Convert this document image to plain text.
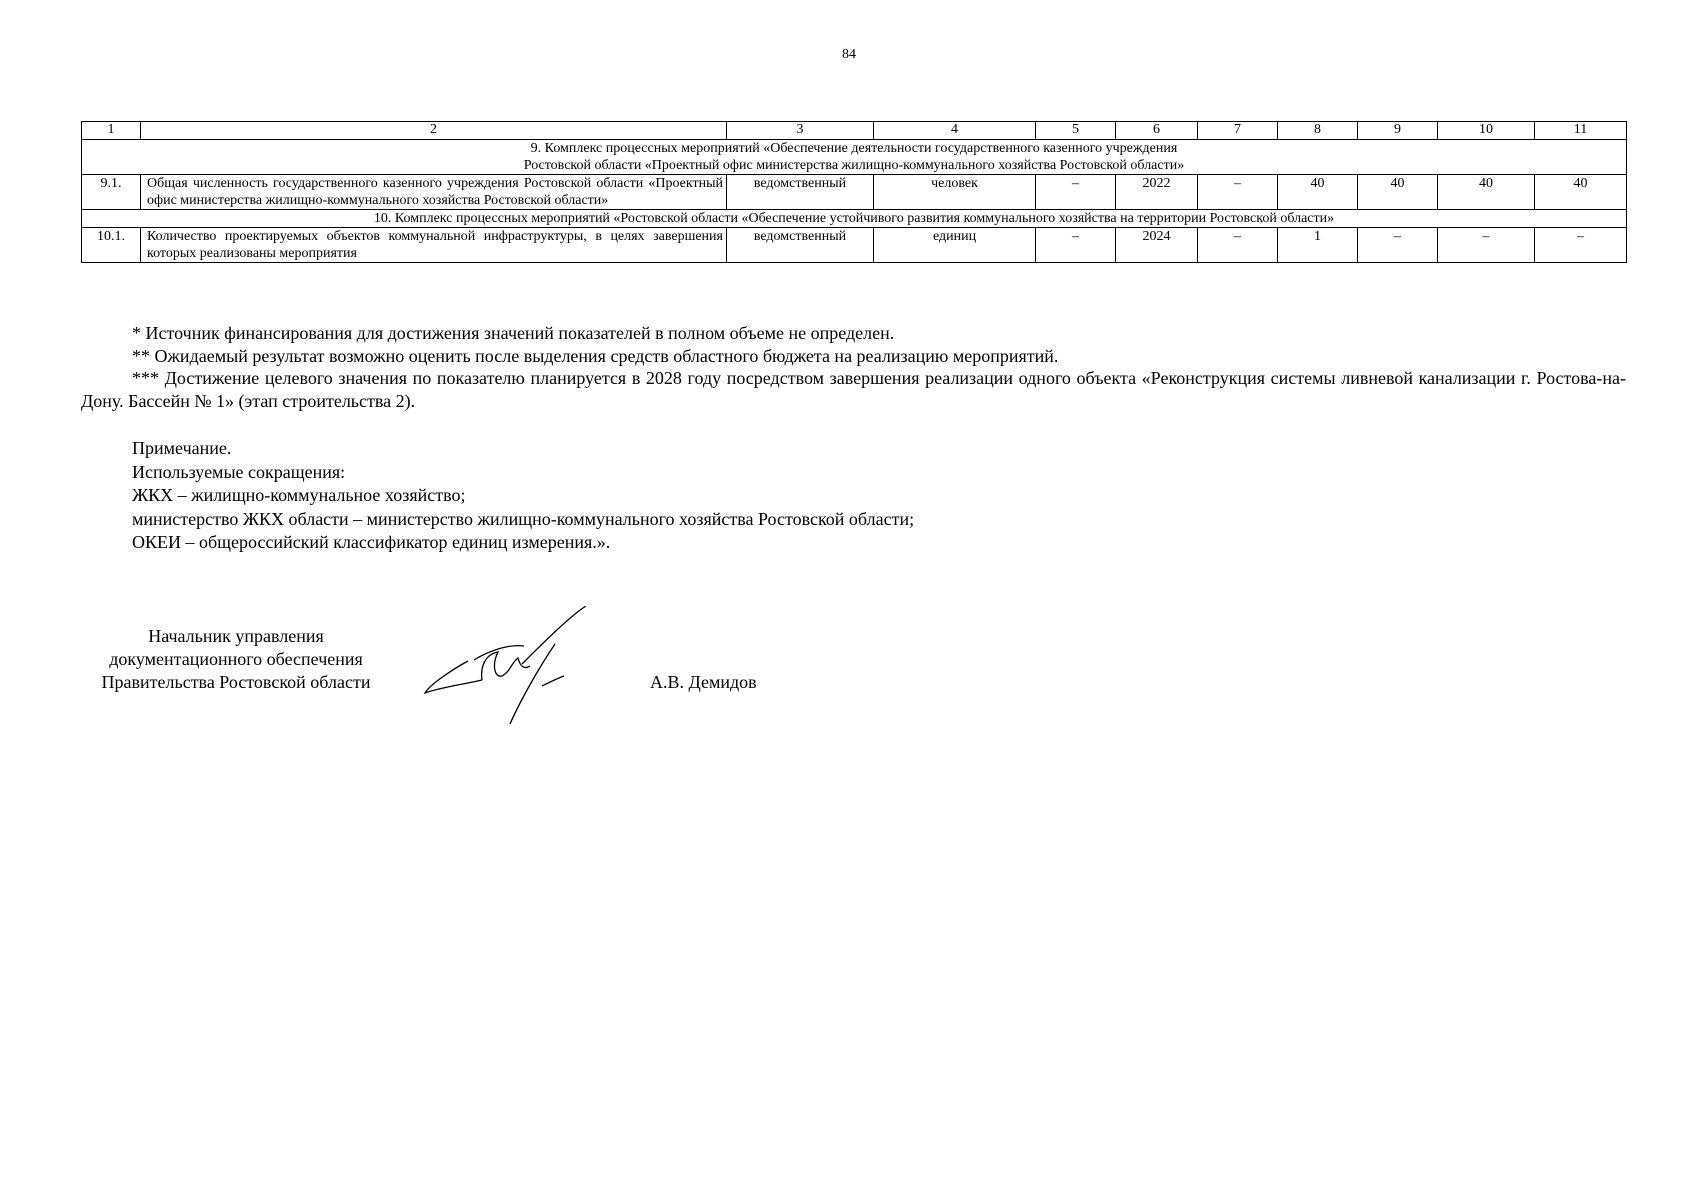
84
1	2	3	4	5	6	7	8	9	10	11

9. Комплекс процессных мероприятий «Обеспечение деятельности государственного казенного учреждения
Ростовской области «Проектный офис министерства жилищно-коммунального хозяйства Ростовской области»										

9.1.	Общая численность государственного казенного учреждения Ростовской области «Проектный офис министерства жилищно-коммунального хозяйства Ростовской области»	ведомственный	человек	–	2022	–	40	40	40	40

10. Комплекс процессных мероприятий «Ростовской области «Обеспечение устойчивого развития коммунального хозяйства на территории Ростовской области»										

10.1.	Количество проектируемых объектов коммунальной инфраструктуры, в целях завершения которых реализованы мероприятия	ведомственный	единиц	–	2024	–	1	–	–	–

* Источник финансирования для достижения значений показателей в полном объеме не определен.

** Ожидаемый результат возможно оценить после выделения средств областного бюджета на реализацию мероприятий.

*** Достижение целевого значения по показателю планируется в 2028 году посредством завершения реализации одного объекта «Реконструкция системы ливневой канализации г. Ростова-на-Дону. Бассейн № 1» (этап строительства 2).

Примечание.

Используемые сокращения:

ЖКХ – жилищно-коммунальное хозяйство;

министерство ЖКХ области – министерство жилищно-коммунального хозяйства Ростовской области;

ОКЕИ – общероссийский классификатор единиц измерения.».

Начальник управления
документационного обеспечения
Правительства Ростовской области	А.В. Демидов
